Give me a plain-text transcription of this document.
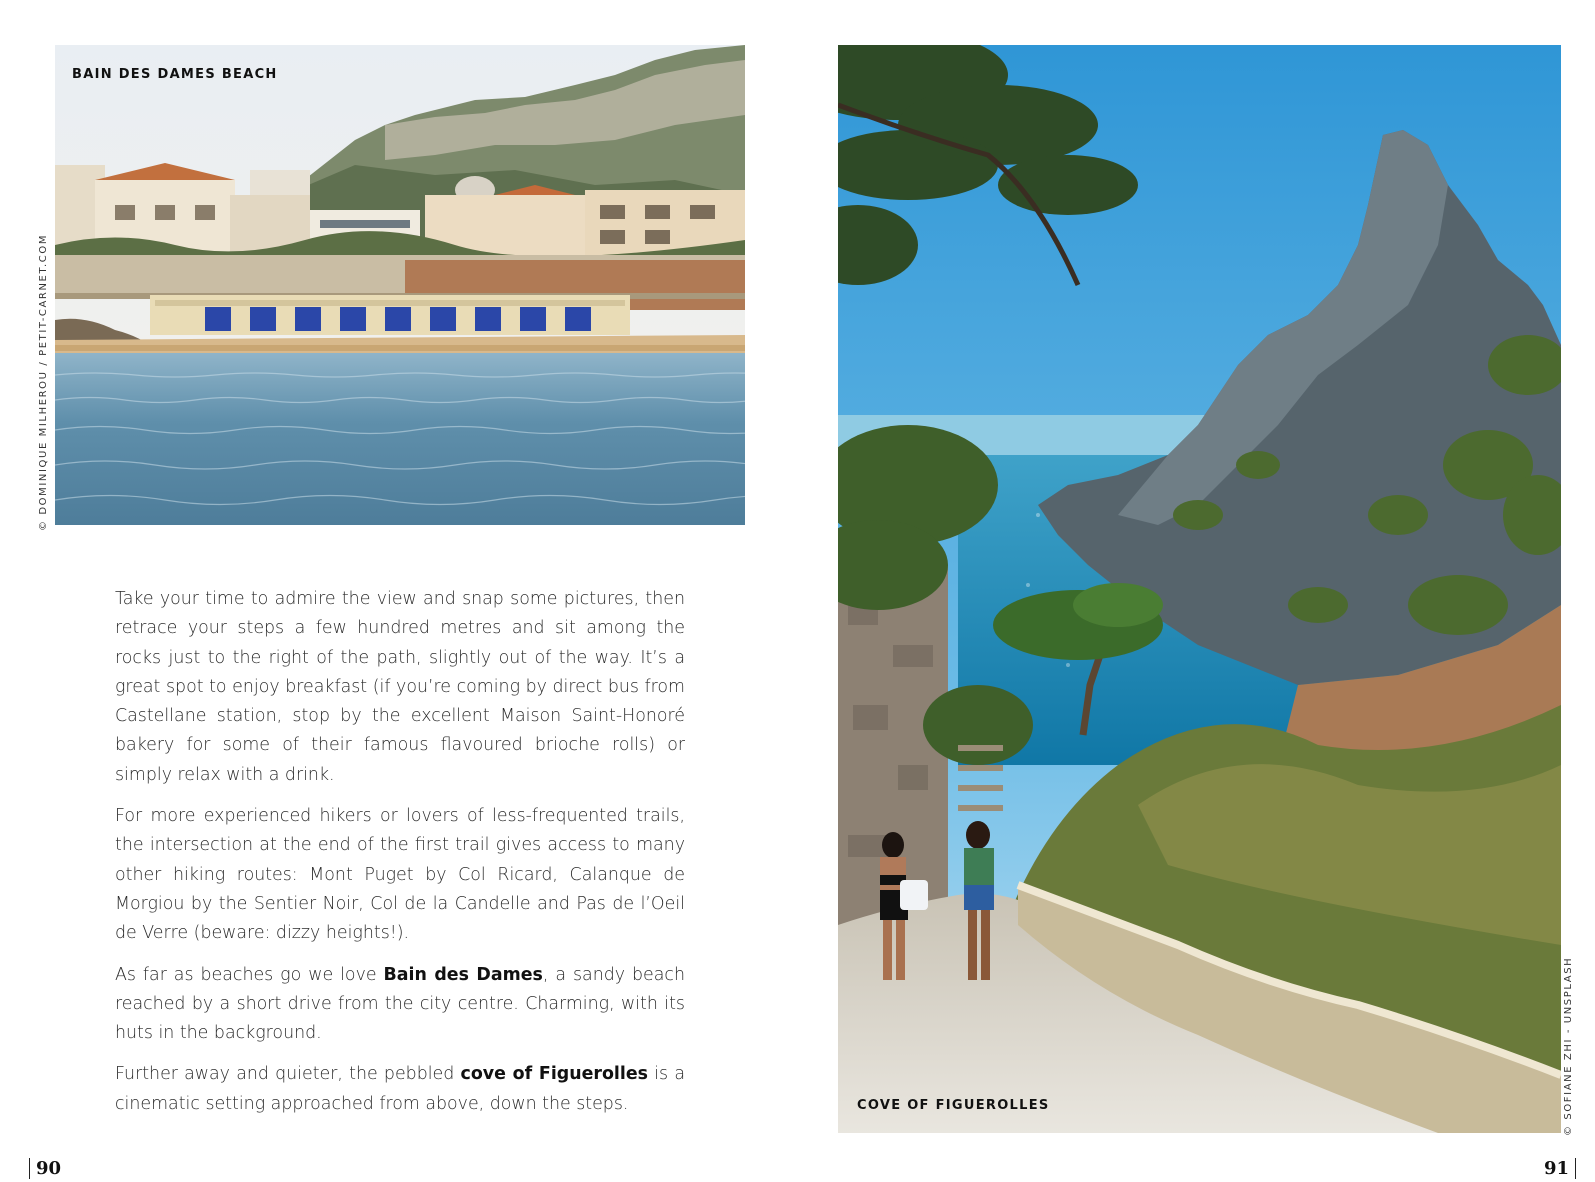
BAIN DES DAMES BEACH
© DOMINIQUE MILHEROU / PETIT-CARNET.COM
COVE OF FIGUEROLLES	© SOFIANE ZHI - UNSPLASH

Take your time to admire the view and snap some pictures, then retrace your steps a few hundred metres and sit among the rocks just to the right of the path, slightly out of the way. It’s a great spot to enjoy breakfast (if you’re coming by direct bus from Castellane station, stop by the excellent Maison Saint-Honoré bakery for some of their famous flavoured brioche rolls) or simply relax with a drink.

For more experienced hikers or lovers of less-frequented trails, the intersection at the end of the first trail gives access to many other hiking routes: Mont Puget by Col Ricard, Calanque de Morgiou by the Sentier Noir, Col de la Candelle and Pas de l’Oeil de Verre (beware: dizzy heights!).

As far as beaches go we love Bain des Dames, a sandy beach reached by a short drive from the city centre. Charming, with its huts in the background.

Further away and quieter, the pebbled cove of Figuerolles is a cinematic setting approached from above, down the steps.

90	91
